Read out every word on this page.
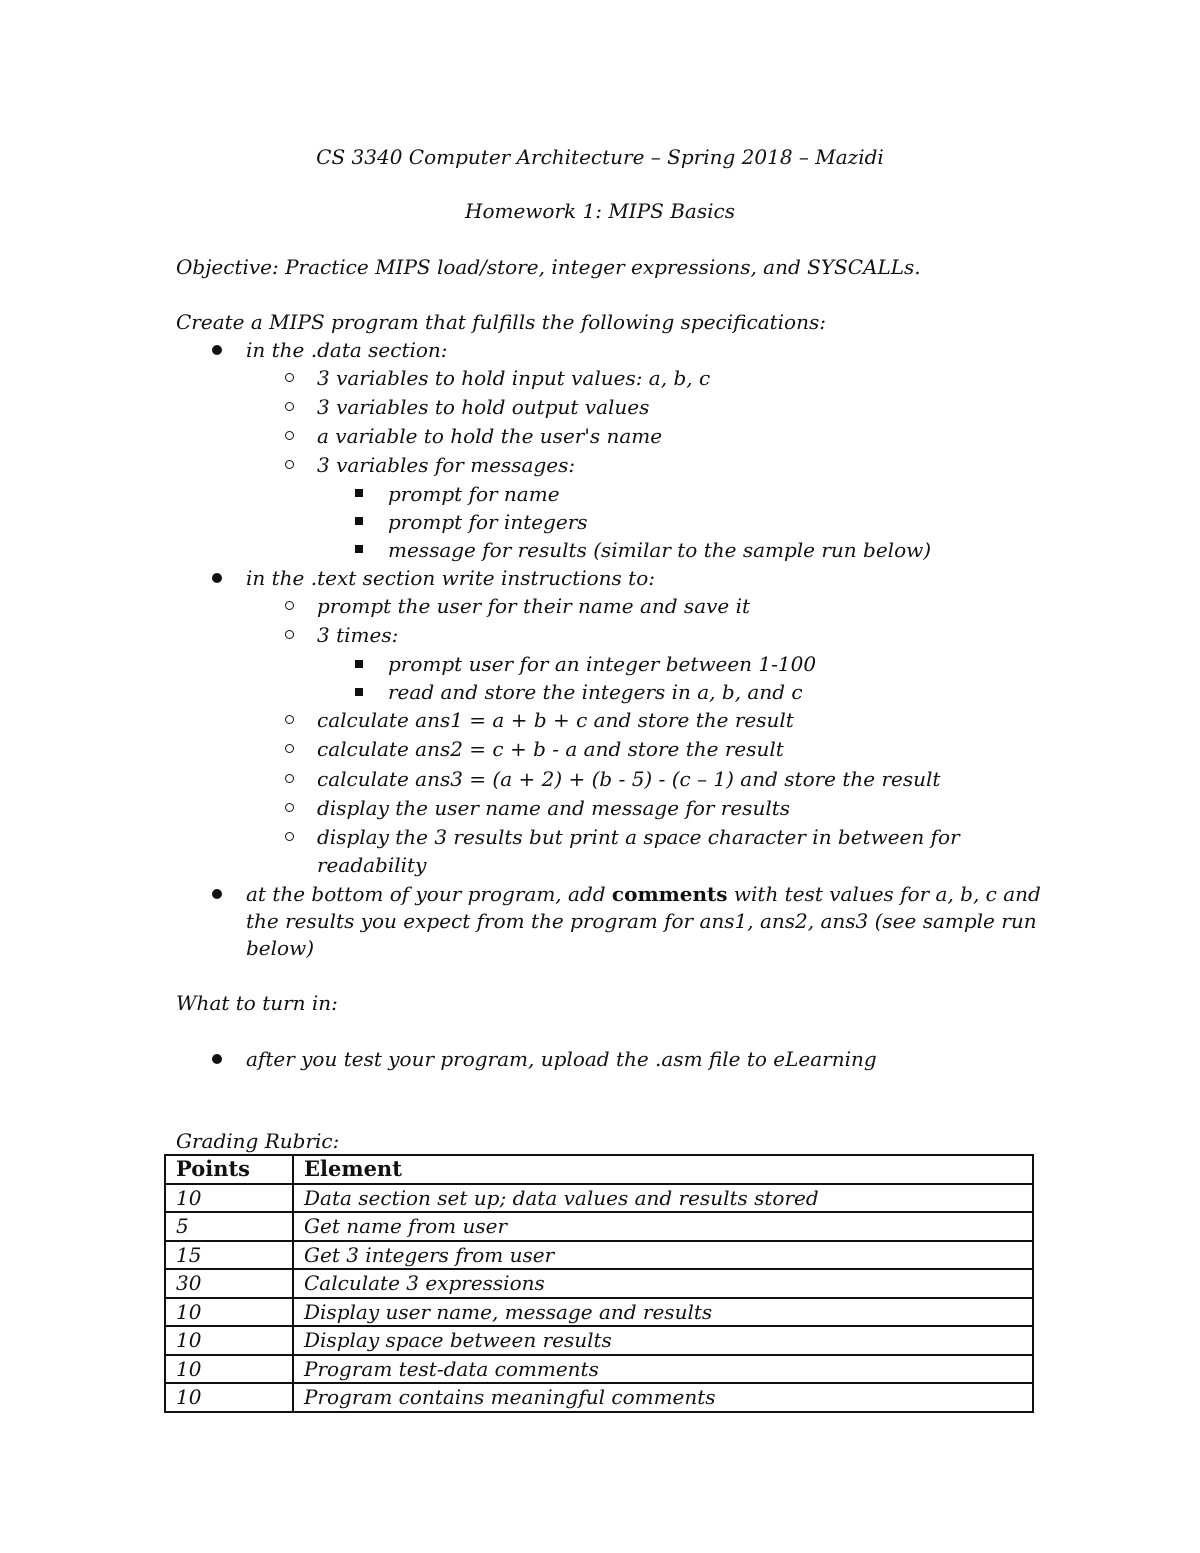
CS 3340 Computer Architecture – Spring 2018 – Mazidi
Homework 1: MIPS Basics
Objective: Practice MIPS load/store, integer expressions, and SYSCALLs.
Create a MIPS program that fulfills the following specifications:
in the .data section:
3 variables to hold input values: a, b, c
3 variables to hold output values
a variable to hold the user's name
3 variables for messages:
prompt for name
prompt for integers
message for results (similar to the sample run below)
in the .text section write instructions to:
prompt the user for their name and save it
3 times:
prompt user for an integer between 1-100
read and store the integers in a, b, and c
calculate ans1 = a + b + c and store the result
calculate ans2 = c + b - a and store the result
calculate ans3 = (a + 2) + (b - 5) - (c – 1) and store the result
display the user name and message for results
display the 3 results but print a space character in between for
readability
at the bottom of your program, add comments with test values for a, b, c and
the results you expect from the program for ans1, ans2, ans3 (see sample run
below)
What to turn in:
after you test your program, upload the .asm file to eLearning
Grading Rubric:
Points	Element
10	Data section set up; data values and results stored
5	Get name from user
15	Get 3 integers from user
30	Calculate 3 expressions
10	Display user name, message and results
10	Display space between results
10	Program test-data comments
10	Program contains meaningful comments
